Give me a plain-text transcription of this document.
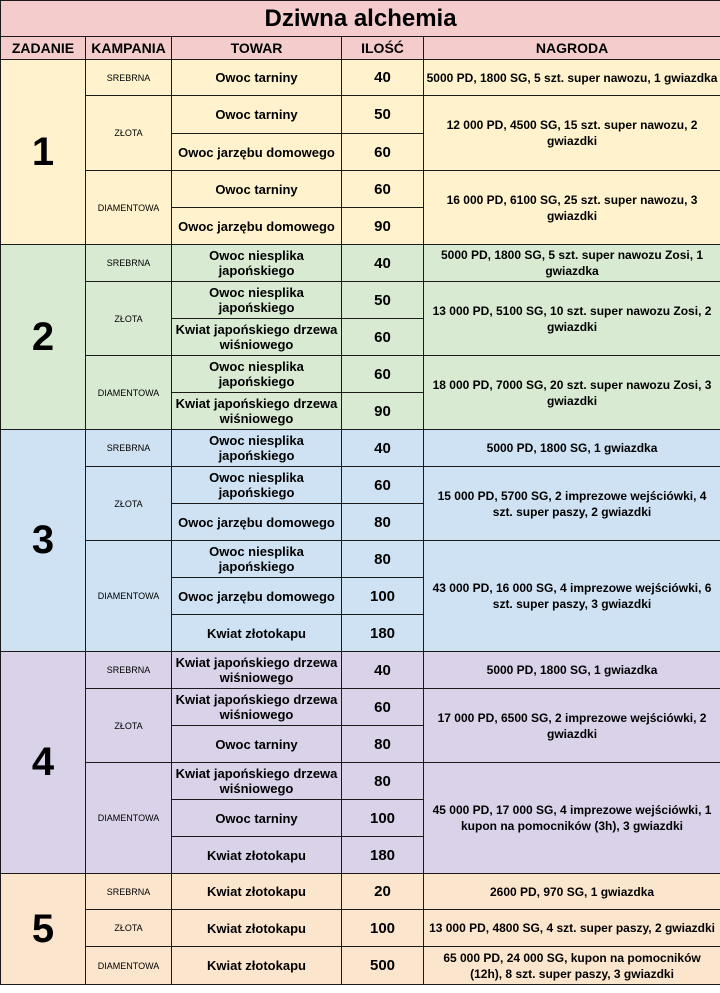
Dziwna alchemia				
ZADANIE	KAMPANIA	TOWAR	ILOŚĆ	NAGRODA
1	SREBRNA	Owoc tarniny	40	5000 PD, 1800 SG, 5 szt. super nawozu, 1 gwiazdka
	ZŁOTA	Owoc tarniny	50	12 000 PD, 4500 SG, 15 szt. super nawozu, 2 gwiazdki
		Owoc jarzębu domowego	60	
	DIAMENTOWA	Owoc tarniny	60	16 000 PD, 6100 SG, 25 szt. super nawozu, 3 gwiazdki
		Owoc jarzębu domowego	90	
2	SREBRNA	Owoc niesplika japońskiego	40	5000 PD, 1800 SG, 5 szt. super nawozu Zosi, 1 gwiazdka
	ZŁOTA	Owoc niesplika japońskiego	50	13 000 PD, 5100 SG, 10 szt. super nawozu Zosi, 2 gwiazdki
		Kwiat japońskiego drzewa wiśniowego	60	
	DIAMENTOWA	Owoc niesplika japońskiego	60	18 000 PD, 7000 SG, 20 szt. super nawozu Zosi, 3 gwiazdki
		Kwiat japońskiego drzewa wiśniowego	90	
3	SREBRNA	Owoc niesplika japońskiego	40	5000 PD, 1800 SG, 1 gwiazdka
	ZŁOTA	Owoc niesplika japońskiego	60	15 000 PD, 5700 SG, 2 imprezowe wejściówki, 4 szt. super paszy, 2 gwiazdki
		Owoc jarzębu domowego	80	
	DIAMENTOWA	Owoc niesplika japońskiego	80	43 000 PD, 16 000 SG, 4 imprezowe wejściówki, 6 szt. super paszy, 3 gwiazdki
		Owoc jarzębu domowego	100	
		Kwiat złotokapu	180	
4	SREBRNA	Kwiat japońskiego drzewa wiśniowego	40	5000 PD, 1800 SG, 1 gwiazdka
	ZŁOTA	Kwiat japońskiego drzewa wiśniowego	60	17 000 PD, 6500 SG, 2 imprezowe wejściówki, 2 gwiazdki
		Owoc tarniny	80	
	DIAMENTOWA	Kwiat japońskiego drzewa wiśniowego	80	45 000 PD, 17 000 SG, 4 imprezowe wejściówki, 1 kupon na pomocników (3h), 3 gwiazdki
		Owoc tarniny	100	
		Kwiat złotokapu	180	
5	SREBRNA	Kwiat złotokapu	20	2600 PD, 970 SG, 1 gwiazdka
	ZŁOTA	Kwiat złotokapu	100	13 000 PD, 4800 SG, 4 szt. super paszy, 2 gwiazdki
	DIAMENTOWA	Kwiat złotokapu	500	65 000 PD, 24 000 SG, kupon na pomocników (12h), 8 szt. super paszy, 3 gwiazdki
